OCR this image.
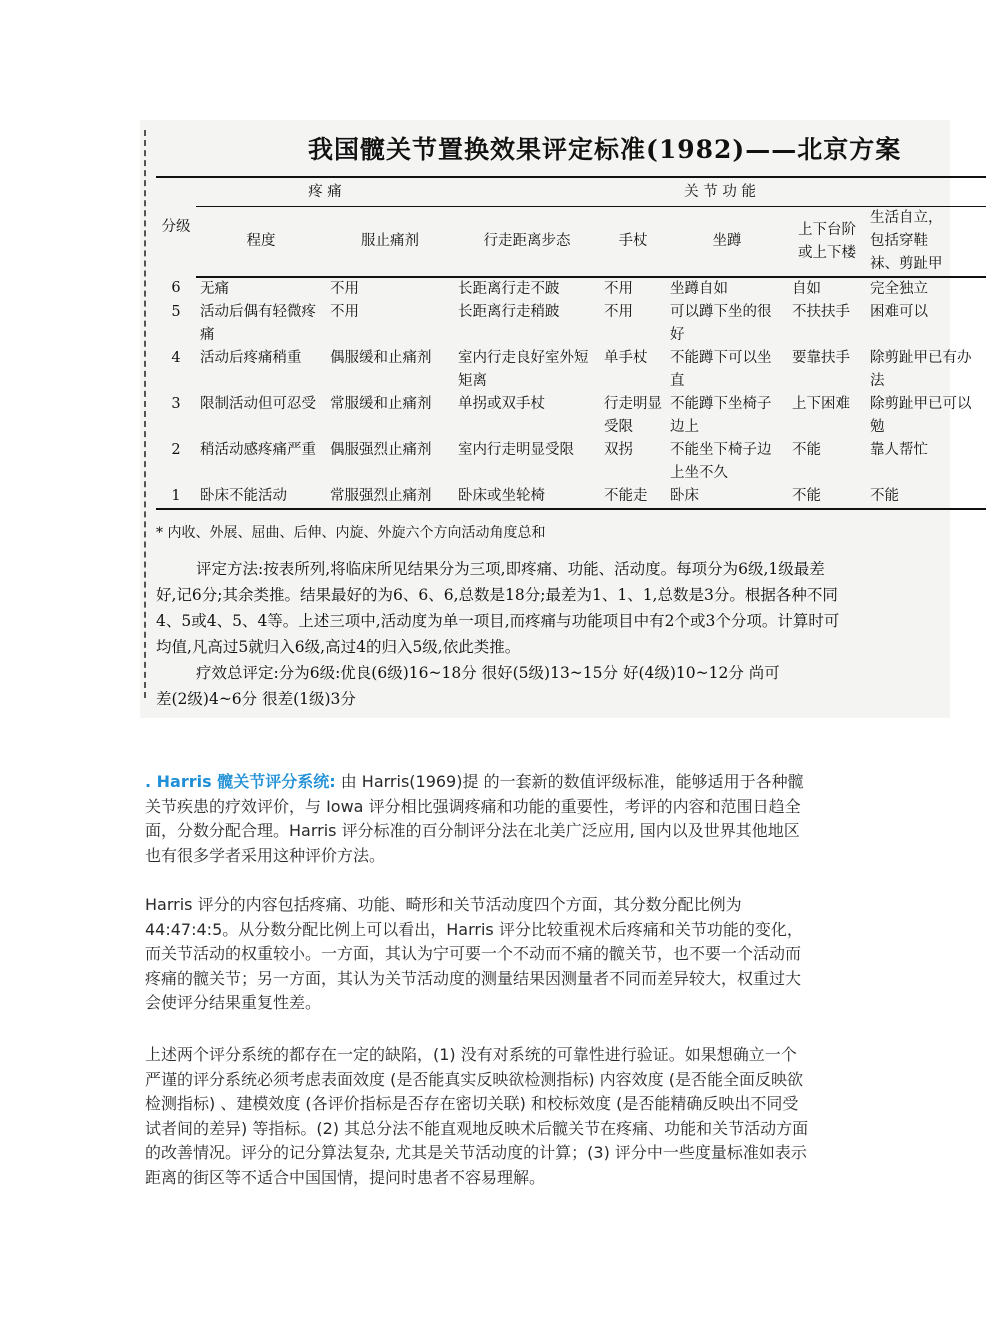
我国髋关节置换效果评定标准(1982)——北京方案
分级	疼 痛		关 节 功 能				
	程度	服止痛剂	行走距离步态	手杖	坐蹲	上下台阶
或上下楼	生活自立，
包括穿鞋
袜、剪趾甲
6	无痛	不用	长距离行走不跛	不用	坐蹲自如	自如	完全独立
5	活动后偶有轻微疼痛	不用	长距离行走稍跛	不用	可以蹲下坐的很好	不扶扶手	困难可以
4	活动后疼痛稍重	偶服缓和止痛剂	室内行走良好室外短矩离	单手杖	不能蹲下可以坐直	要靠扶手	除剪趾甲已有办法
3	限制活动但可忍受	常服缓和止痛剂	单拐或双手杖	行走明显受限	不能蹲下坐椅子边上	上下困难	除剪趾甲已可以勉
2	稍活动感疼痛严重	偶服强烈止痛剂	室内行走明显受限	双拐	不能坐下椅子边上坐不久	不能	靠人帮忙
1	卧床不能活动	常服强烈止痛剂	卧床或坐轮椅	不能走	卧床	不能	不能
* 内收、外展、屈曲、后伸、内旋、外旋六个方向活动角度总和
评定方法:按表所列,将临床所见结果分为三项,即疼痛、功能、活动度。每项分为6级,1级最差
好,记6分;其余类推。结果最好的为6、6、6,总数是18分;最差为1、1、1,总数是3分。根据各种不同
4、5或4、5、4等。上述三项中,活动度为单一项目,而疼痛与功能项目中有2个或3个分项。计算时可
均值,凡高过5就归入6级,高过4的归入5级,依此类推。
疗效总评定:分为6级:优良(6级)16~18分 很好(5级)13~15分 好(4级)10~12分 尚可
差(2级)4~6分 很差(1级)3分
. Harris 髋关节评分系统: 由 Harris(1969)提 的一套新的数值评级标准，能够适用于各种髋关节疾患的疗效评价，与 Iowa 评分相比强调疼痛和功能的重要性，考评的内容和范围日趋全面，分数分配合理。Harris 评分标准的百分制评分法在北美广泛应用, 国内以及世界其他地区也有很多学者采用这种评价方法。
Harris 评分的内容包括疼痛、功能、畸形和关节活动度四个方面，其分数分配比例为 44:47:4:5。从分数分配比例上可以看出，Harris 评分比较重视术后疼痛和关节功能的变化，而关节活动的权重较小。一方面，其认为宁可要一个不动而不痛的髋关节，也不要一个活动而疼痛的髋关节；另一方面，其认为关节活动度的测量结果因测量者不同而差异较大，权重过大会使评分结果重复性差。
上述两个评分系统的都存在一定的缺陷，(1) 没有对系统的可靠性进行验证。如果想确立一个严谨的评分系统必须考虑表面效度 (是否能真实反映欲检测指标) 内容效度 (是否能全面反映欲检测指标) 、建模效度 (各评价指标是否存在密切关联) 和校标效度 (是否能精确反映出不同受试者间的差异) 等指标。(2) 其总分法不能直观地反映术后髋关节在疼痛、功能和关节活动方面的改善情况。评分的记分算法复杂, 尤其是关节活动度的计算；(3) 评分中一些度量标准如表示距离的街区等不适合中国国情，提问时患者不容易理解。
